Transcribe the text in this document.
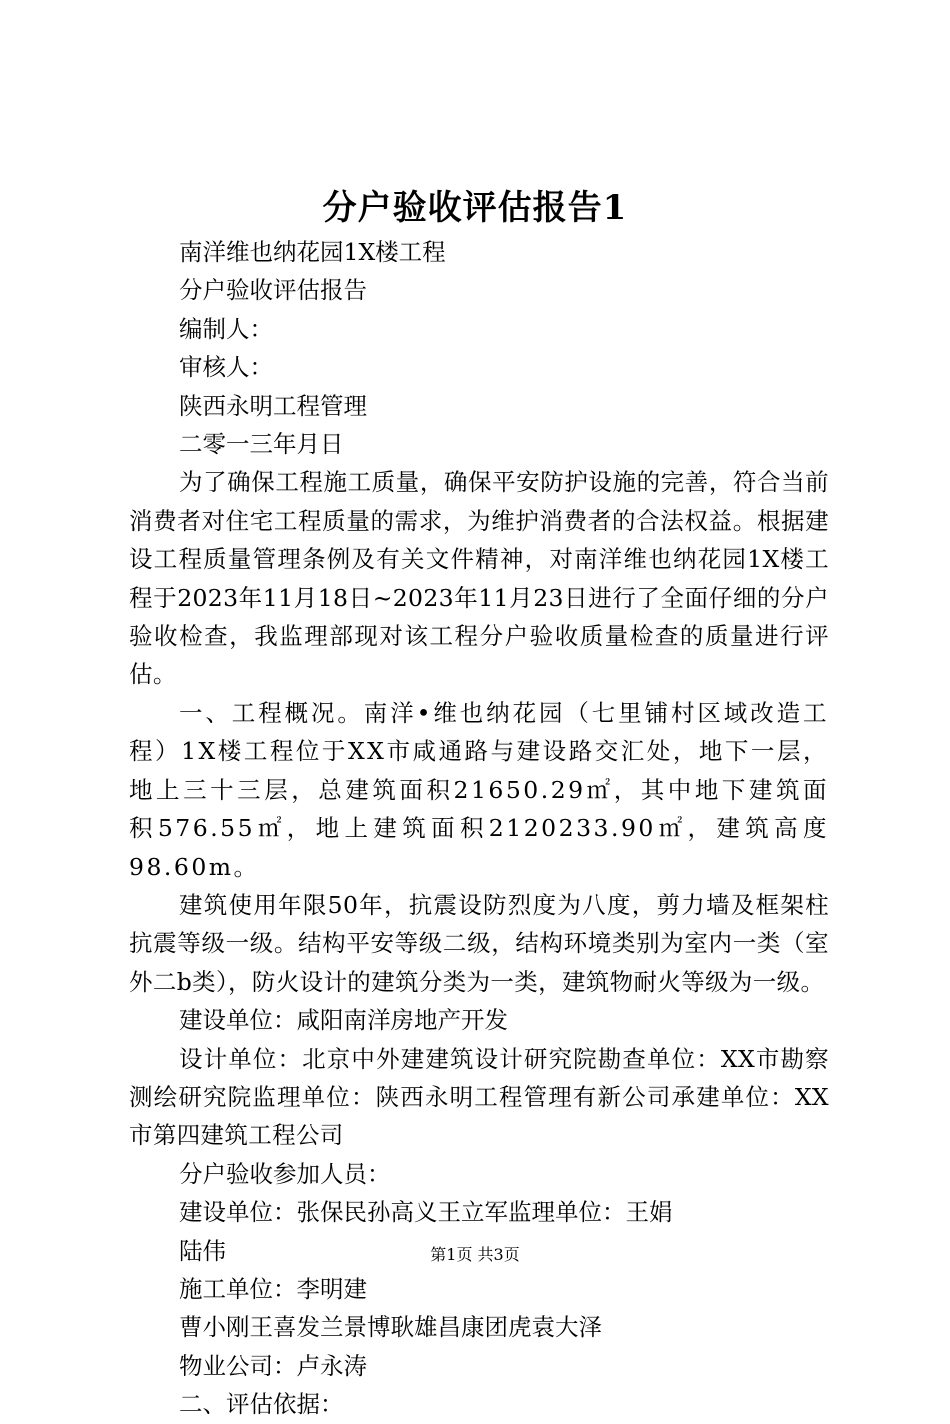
分户验收评估报告1

南洋维也纳花园1X楼工程

分户验收评估报告

编制人：

审核人：

陕西永明工程管理

二零一三年月日

为了确保工程施工质量，确保平安防护设施的完善，符合当前消费者对住宅工程质量的需求，为维护消费者的合法权益。根据建设工程质量管理条例及有关文件精神，对南洋维也纳花园1X楼工程于2023年11月18日~2023年11月23日进行了全面仔细的分户验收检查，我监理部现对该工程分户验收质量检查的质量进行评估。

一、工程概况。南洋•维也纳花园（七里铺村区域改造工程）1X楼工程位于XX市咸通路与建设路交汇处，地下一层，地上三十三层，总建筑面积21650.29㎡，其中地下建筑面积576.55㎡，地上建筑面积2120233.90㎡，建筑高度98.60m。

建筑使用年限50年，抗震设防烈度为八度，剪力墙及框架柱抗震等级一级。结构平安等级二级，结构环境类别为室内一类（室外二b类），防火设计的建筑分类为一类，建筑物耐火等级为一级。

建设单位：咸阳南洋房地产开发

设计单位：北京中外建建筑设计研究院勘查单位：XX市勘察测绘研究院监理单位：陕西永明工程管理有新公司承建单位：XX市第四建筑工程公司

分户验收参加人员：

建设单位：张保民孙高义王立军监理单位：王娟

陆伟

施工单位：李明建

曹小刚王喜发兰景博耿雄昌康团虎袁大泽

物业公司：卢永涛

二、评估依据：

第1页 共3页
